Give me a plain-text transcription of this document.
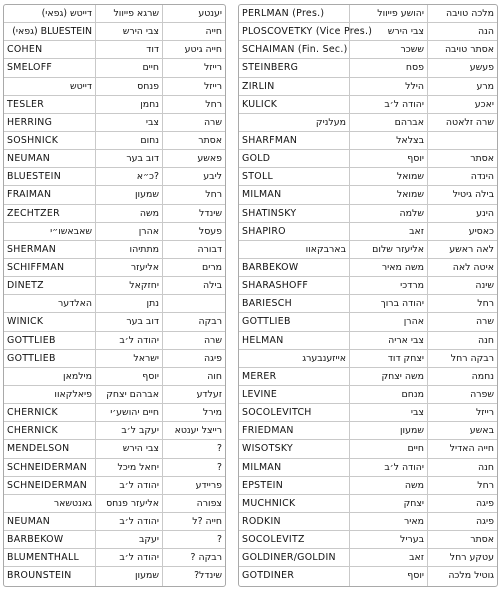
דייטש (גפאי)	שרגא פייוול	יענטע
BLUESTEIN (גפאי)	צבי הירש	חייה
COHEN	דוד	חייה גיטע
SMELOFF	חיים	רייזל
דייטש	פנחס	רייזל
TESLER	נחמן	רחל
HERRING	צבי	שרה
SOSHNICK	נחום	אסתר
NEUMAN	דוב בער	פאשע
BLUESTEIN	?כ״א	ליבע
FRAIMAN	שמעון	רחל
ZECHTZER	משה	שינדל
שאבאשו״י	אהרן	פעסל
SHERMAN	מתתיהו	דבורה
SCHIFFMAN	אליעזר	מרים
DINETZ	יחזקאל	בילה
האלדער	נתן
WINICK	דוב בער	רבקה
GOTTLIEB	יהודה ל׳ב	שרה
GOTTLIEB	ישראל	פיגה
מילמאן	יוסף	חוה
פיאלקאוו	אברהם יצחק	זעלדע
CHERNICK	חיים יהושע׳י	מירל
CHERNICK	יעקב ל׳ב	רייצל יענטא
MENDELSON	צבי הירש	?
SCHNEIDERMAN	יחאל מיכל	?
SCHNEIDERMAN	יהודה ל׳ב	פריידע
גאנטשאר	אליעזר פנחס	צפורה
NEUMAN	יהודה ל׳ב	חייה ?ל
BARBEKOW	יעקב	?
BLUMENTHALL	יהודה ל׳ב	רבקה ?
BROUNSTEIN	שמעון	שינדל?
PERLMAN (Pres.)	יהושע פייוול	מלכה טויבה
PLOSCOVETKY (Vice Pres.)	צבי הירש	הנה
SCHAIMAN (Fin. Sec.)	ששכר	אסתר טויבה
STEINBERG	פסח	פעשע
ZIRLIN	הילל	מרע
KULICK	יהודה ל׳ב	יאכע
מעלניק	אברהם	שרה זלאטה
SHARFMAN	בצלאל
GOLD	יוסף	אסתר
STOLL	שמואל	הינדה
MILMAN	שמואל	בילה גיטיל
SHATINSKY	שלמה	הינע
SHAPIRO	זאב	כאסיע
בארבקאוו	אליעזר שלום	לאה ראשע
BARBEKOW	משה מאיר	איטה לאה
SHARASHOFF	מרדכי	שינה
BARIESCH	יהודה ברוך	רחל
GOTTLIEB	אהרן	שרה
HELMAN	צבי אריה	חנה
אייזענבערג	יצחק דוד	רבקה רחל
MERER	משה יצחק	נחמה
LEVINE	מנחם	שפרה
SOCOLEVITCH	צבי	רייזל
FRIEDMAN	שמעון	באשע
WISOTSKY	חיים	חייה האדיל
MILMAN	יהודה ל׳ב	חנה
EPSTEIN	משה	רחל
MUCHNICK	יצחק	פיגה
RODKIN	מאיר	פיגה
SOCOLEVITZ	בעריל	אסתר
GOLDINER/GOLDIN	זאב	עטקע רחל
GOTDINER	יוסף	גוטיל מלכה
